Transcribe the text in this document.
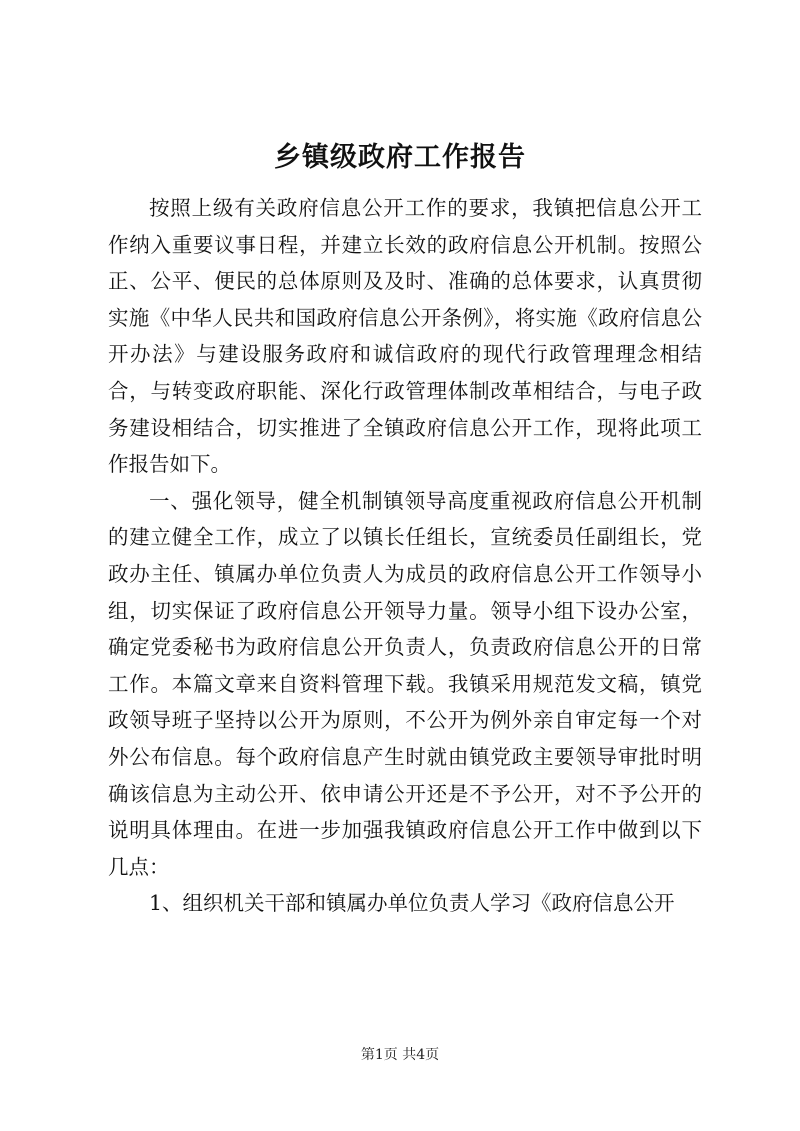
乡镇级政府工作报告

按照上级有关政府信息公开工作的要求，我镇把信息公开工作纳入重要议事日程，并建立长效的政府信息公开机制。按照公正、公平、便民的总体原则及及时、准确的总体要求，认真贯彻实施《中华人民共和国政府信息公开条例》，将实施《政府信息公开办法》与建设服务政府和诚信政府的现代行政管理理念相结合，与转变政府职能、深化行政管理体制改革相结合，与电子政务建设相结合，切实推进了全镇政府信息公开工作，现将此项工作报告如下。

一、强化领导，健全机制镇领导高度重视政府信息公开机制的建立健全工作，成立了以镇长任组长，宣统委员任副组长，党政办主任、镇属办单位负责人为成员的政府信息公开工作领导小组，切实保证了政府信息公开领导力量。领导小组下设办公室，确定党委秘书为政府信息公开负责人，负责政府信息公开的日常工作。本篇文章来自资料管理下载。我镇采用规范发文稿，镇党政领导班子坚持以公开为原则，不公开为例外亲自审定每一个对外公布信息。每个政府信息产生时就由镇党政主要领导审批时明确该信息为主动公开、依申请公开还是不予公开，对不予公开的说明具体理由。在进一步加强我镇政府信息公开工作中做到以下几点：

1、组织机关干部和镇属办单位负责人学习《政府信息公开

第1页 共4页
